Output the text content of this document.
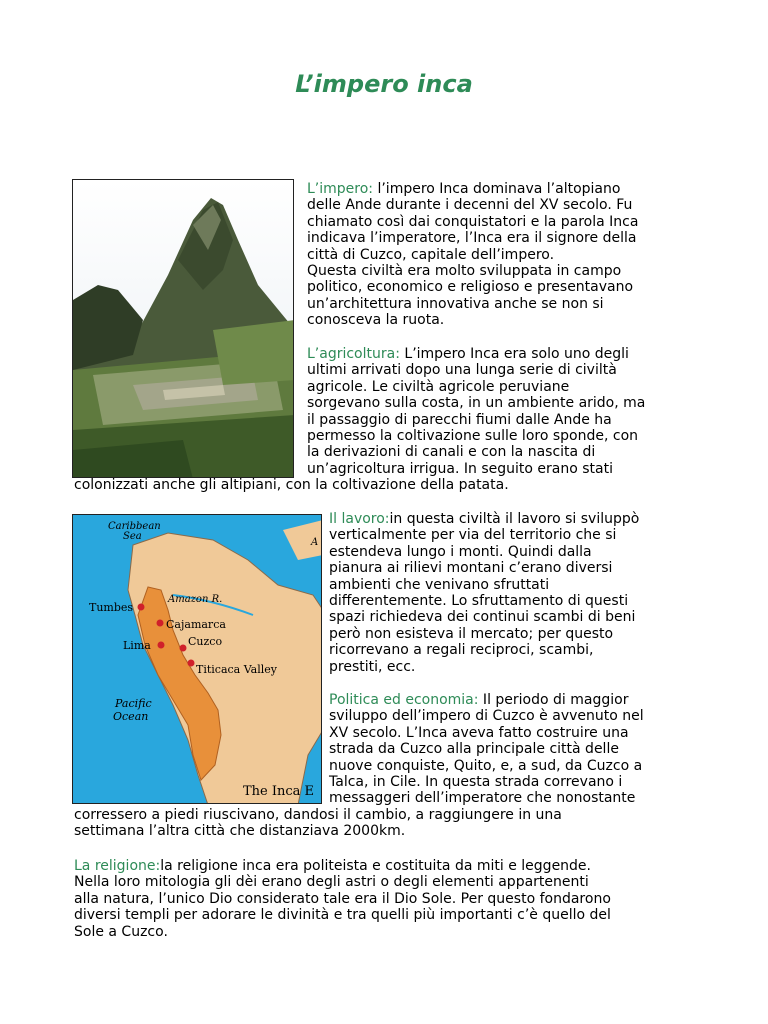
L’impero inca
Caribbean
Sea
Amazon R.
Tumbes
Cajamarca
Cuzco
Lima
Titicaca Valley
Pacific
Ocean
The Inca E
A

L’impero: l’impero Inca dominava l’altopiano
delle Ande durante i decenni del XV secolo. Fu
chiamato così dai conquistatori e la parola Inca
indicava l’imperatore, l’Inca era il signore della
città di Cuzco, capitale dell’impero.
Questa civiltà era molto sviluppata in campo
politico, economico e religioso e presentavano
un’architettura innovativa anche se non si
conosceva la ruota.

L’agricoltura: L’impero Inca era solo uno degli
ultimi arrivati dopo una lunga serie di civiltà
agricole. Le civiltà agricole peruviane
sorgevano sulla costa, in un ambiente arido, ma
il passaggio di parecchi fiumi dalle Ande ha
permesso la coltivazione sulle loro sponde, con
la derivazioni di canali e con la nascita di
un’agricoltura irrigua. In seguito erano stati

colonizzati anche gli altipiani, con la coltivazione della patata.

Il lavoro:in questa civiltà il lavoro si sviluppò
verticalmente per via del territorio che si
estendeva lungo i monti. Quindi dalla
pianura ai rilievi montani c’erano diversi
ambienti che venivano sfruttati
differentemente. Lo sfruttamento di questi
spazi richiedeva dei continui scambi di beni
però non esisteva il mercato; per questo
ricorrevano a regali reciproci, scambi,
prestiti, ecc.

Politica ed economia: Il periodo di maggior
sviluppo dell’impero di Cuzco è avvenuto nel
XV secolo. L’Inca aveva fatto costruire una
strada da Cuzco alla principale città delle
nuove conquiste, Quito, e, a sud, da Cuzco a
Talca, in Cile. In questa strada correvano i
messaggeri dell’imperatore che nonostante

corressero a piedi riuscivano, dandosi il cambio, a raggiungere in una
settimana l’altra città che distanziava 2000km.

La religione:la religione inca era politeista e costituita da miti e leggende.
Nella loro mitologia gli dèi erano degli astri o degli elementi appartenenti
alla natura, l’unico Dio considerato tale era il Dio Sole. Per questo fondarono
diversi templi per adorare le divinità e tra quelli più importanti c’è quello del
Sole a Cuzco.
